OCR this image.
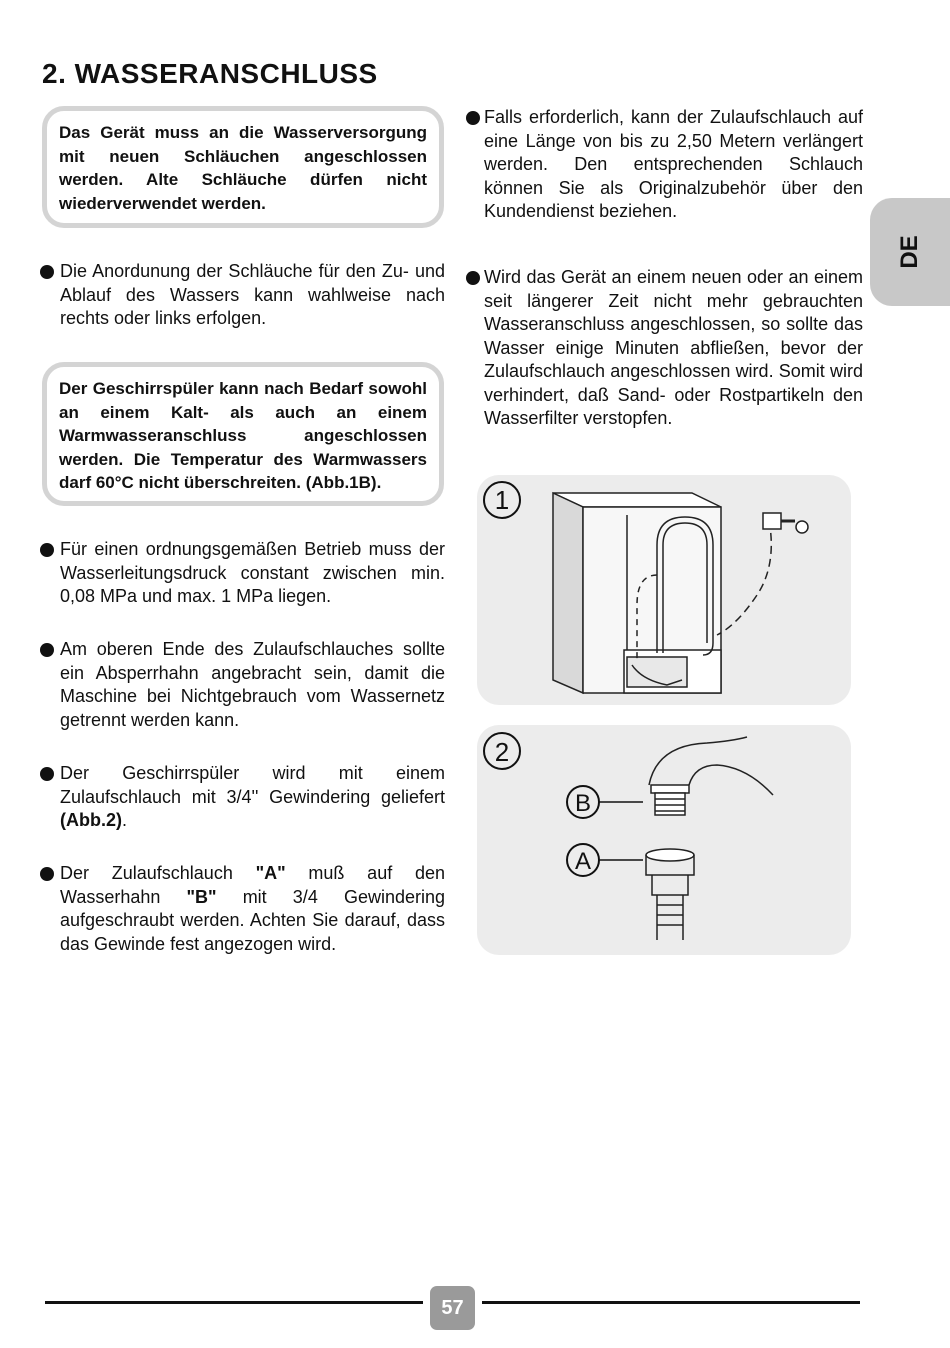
2. WASSERANSCHLUSS

Das Gerät muss an die Wasserversorgung mit neuen Schläuchen angeschlossen werden. Alte Schläuche dürfen nicht wiederverwendet werden.

Die Anordunung der Schläuche für den Zu- und Ablauf des Wassers kann wahlweise nach rechts oder links erfolgen.

Der Geschirrspüler kann nach Bedarf sowohl an einem Kalt- als auch an einem Warmwasseranschluss angeschlossen werden. Die Temperatur des Warmwassers darf 60°C nicht überschreiten. (Abb.1B).

Für einen ordnungsgemäßen Betrieb muss der Wasserleitungsdruck constant zwischen min. 0,08 MPa und max. 1 MPa liegen.

Am oberen Ende des Zulaufschlauches sollte ein Absperrhahn angebracht sein, damit die Maschine bei Nichtgebrauch vom Wassernetz getrennt werden kann.

Der Geschirrspüler wird mit einem Zulaufschlauch mit 3/4'' Gewindering geliefert (Abb.2).

Der Zulaufschlauch "A" muß auf den Wasserhahn "B" mit 3/4 Gewindering aufgeschraubt werden. Achten Sie darauf, dass das Gewinde fest angezogen wird.

Falls erforderlich, kann der Zulaufschlauch auf eine Länge von bis zu 2,50 Metern verlängert werden. Den entsprechenden Schlauch können Sie als Originalzubehör über den Kundendienst beziehen.

Wird das Gerät an einem neuen oder an einem seit längerer Zeit nicht mehr gebrauchten Wasseranschluss angeschlossen, so sollte das Wasser einige Minuten abfließen, bevor der Zulaufschlauch angeschlossen wird. Somit wird verhindert, daß Sand- oder Rostpartikeln den Wasserfilter verstopfen.

DE
1
2
B
A
57
